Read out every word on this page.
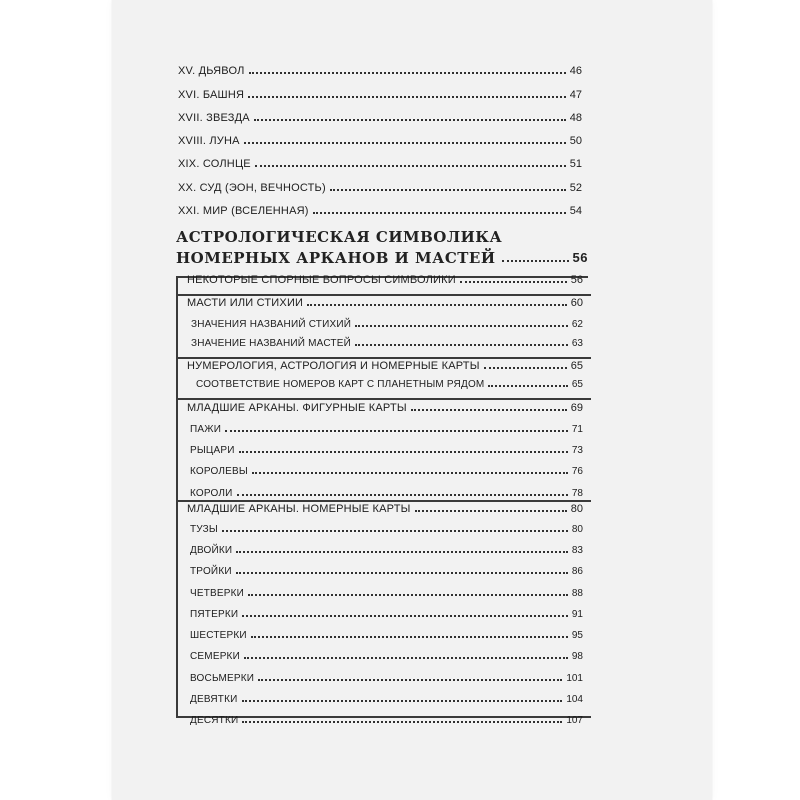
XV. ДЬЯВОЛ	46
XVI. БАШНЯ	47
XVII. ЗВЕЗДА	48
XVIII. ЛУНА	50
XIX. СОЛНЦЕ	51
XX. СУД (ЭОН, ВЕЧНОСТЬ)	52
XXI. МИР (ВСЕЛЕННАЯ)	54
АСТРОЛОГИЧЕСКАЯ СИМВОЛИКА
НОМЕРНЫХ АРКАНОВ И МАСТЕЙ	56
НЕКОТОРЫЕ СПОРНЫЕ ВОПРОСЫ СИМВОЛИКИ	56
МАСТИ ИЛИ СТИХИИ	60
ЗНАЧЕНИЯ НАЗВАНИЙ СТИХИЙ	62
ЗНАЧЕНИЕ НАЗВАНИЙ МАСТЕЙ	63
НУМЕРОЛОГИЯ, АСТРОЛОГИЯ И НОМЕРНЫЕ КАРТЫ	65
СООТВЕТСТВИЕ НОМЕРОВ КАРТ С ПЛАНЕТНЫМ РЯДОМ	65
МЛАДШИЕ АРКАНЫ. ФИГУРНЫЕ КАРТЫ	69
ПАЖИ	71
РЫЦАРИ	73
КОРОЛЕВЫ	76
КОРОЛИ	78
МЛАДШИЕ АРКАНЫ. НОМЕРНЫЕ КАРТЫ	80
ТУЗЫ	80
ДВОЙКИ	83
ТРОЙКИ	86
ЧЕТВЕРКИ	88
ПЯТЕРКИ	91
ШЕСТЕРКИ	95
СЕМЕРКИ	98
ВОСЬМЕРКИ	101
ДЕВЯТКИ	104
ДЕСЯТКИ	107
